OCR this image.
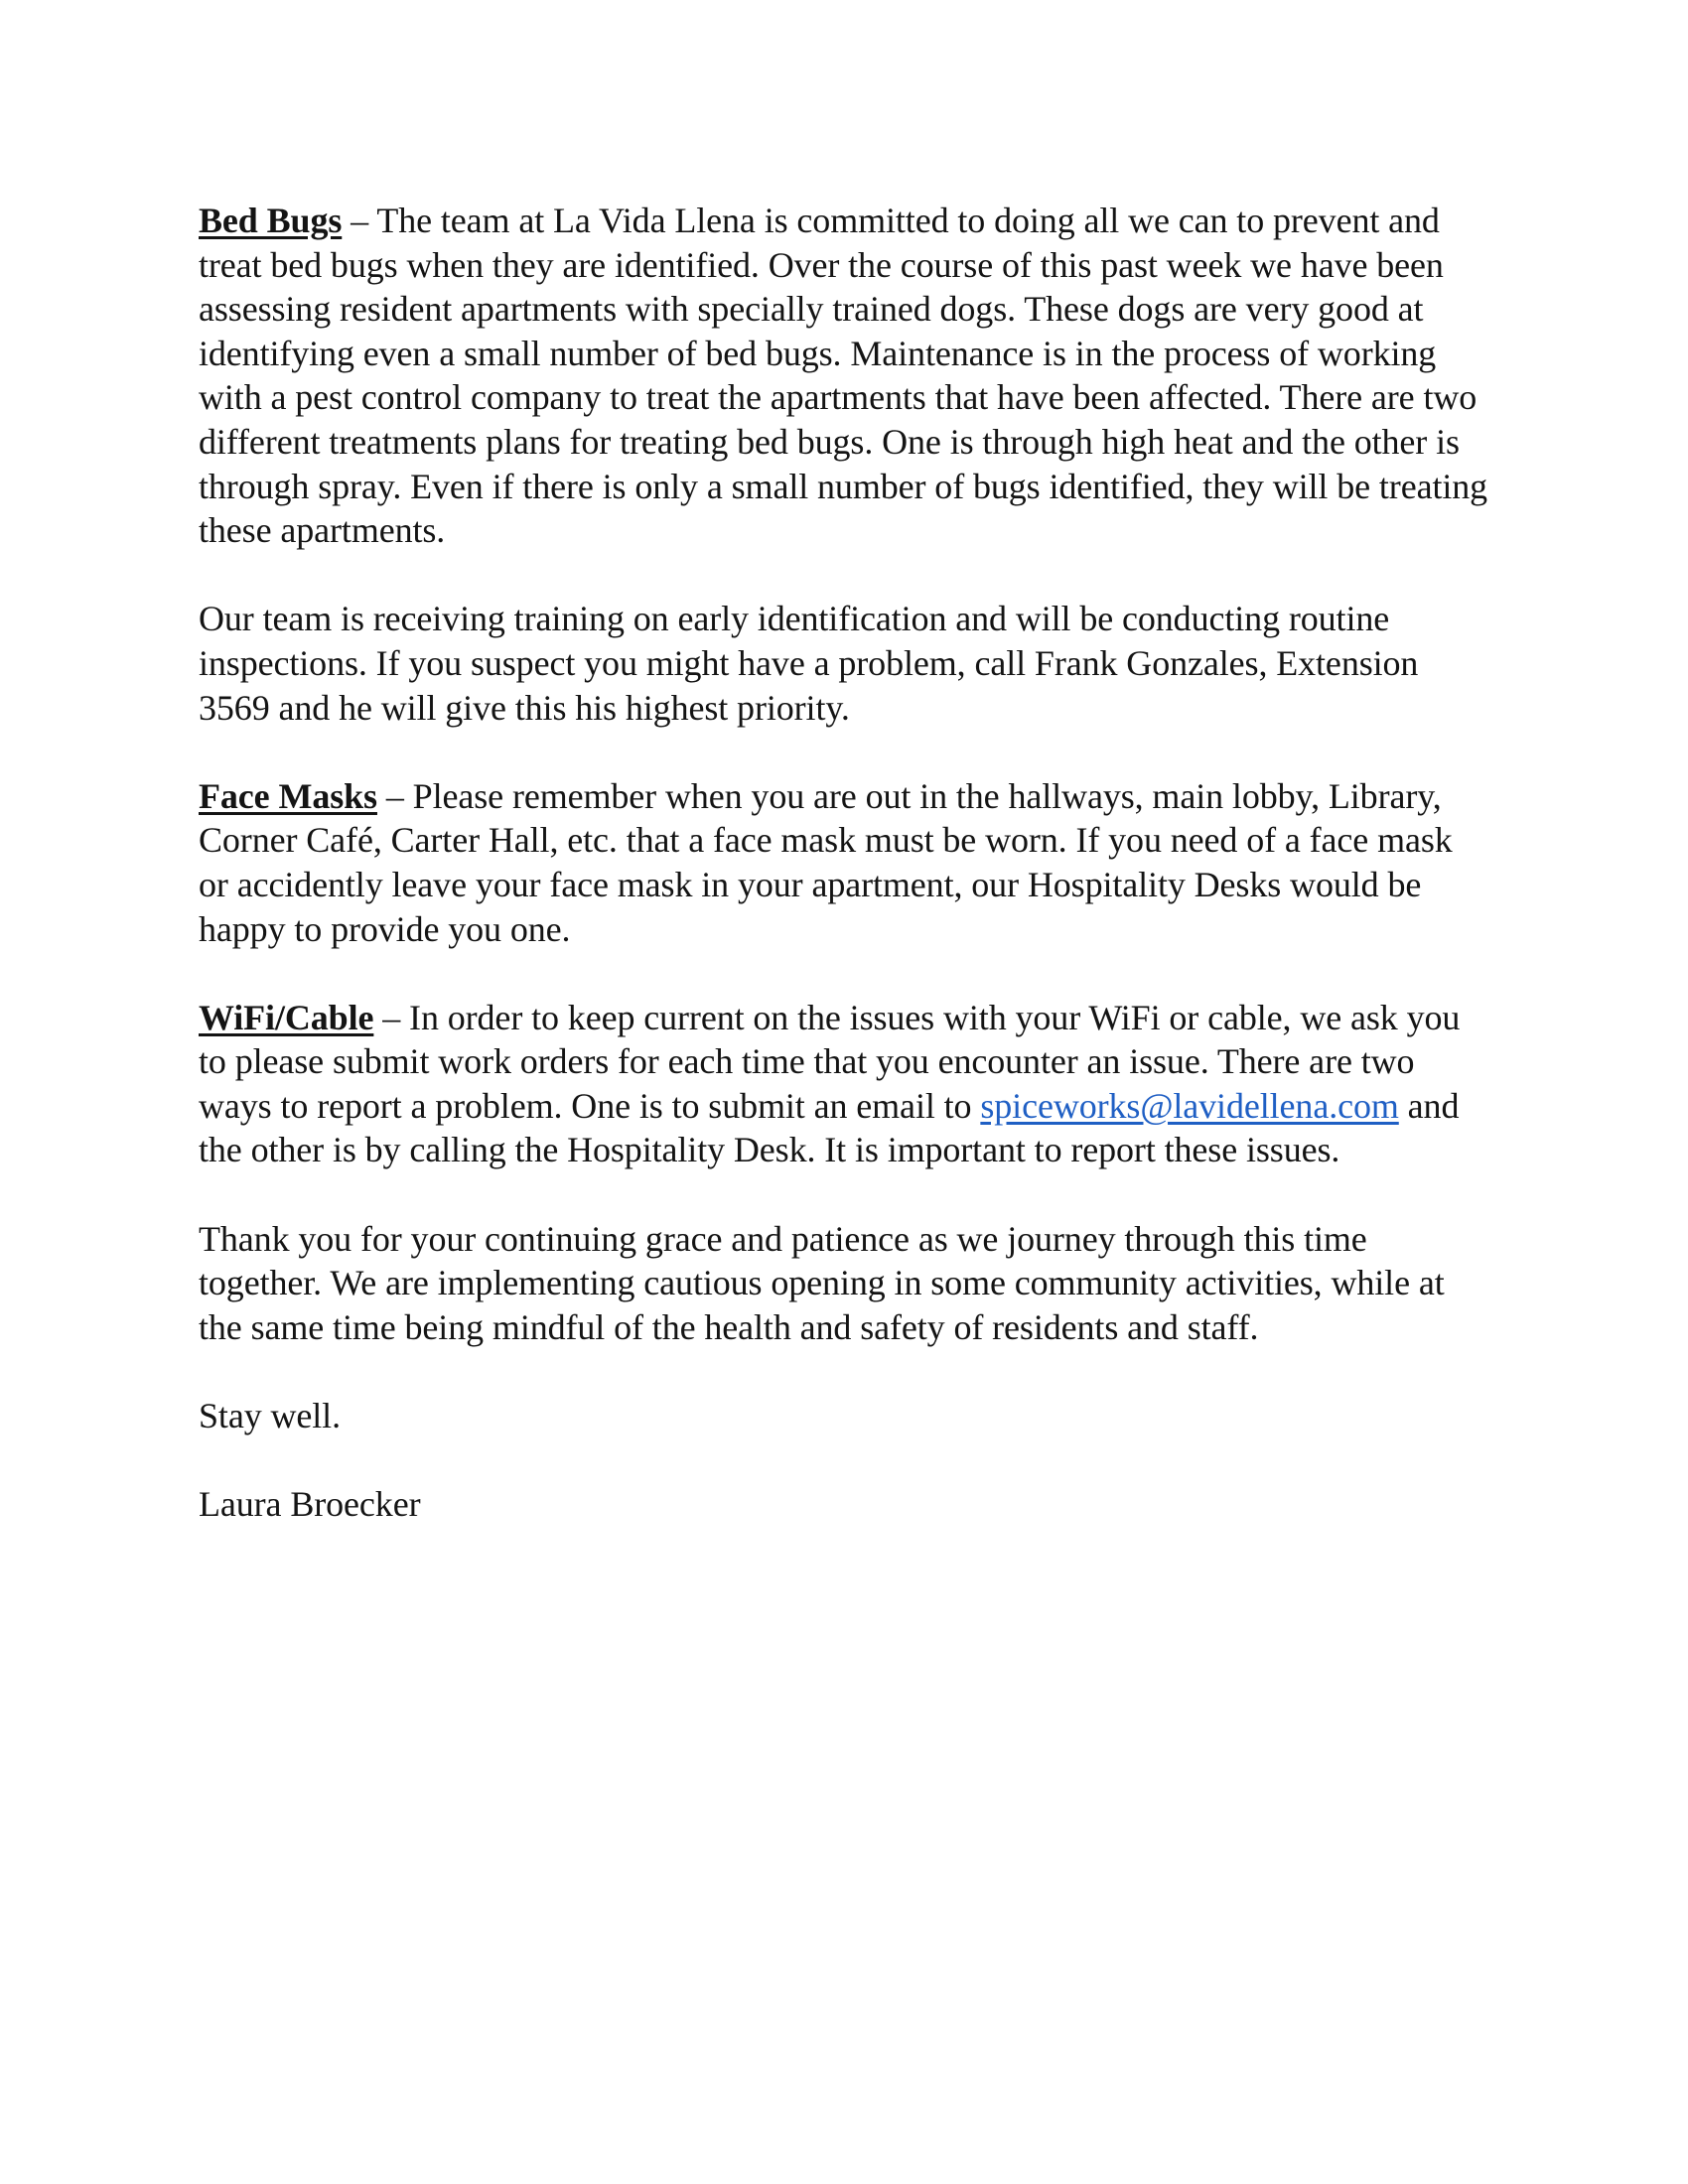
Bed Bugs – The team at La Vida Llena is committed to doing all we can to prevent and treat bed bugs when they are identified. Over the course of this past week we have been assessing resident apartments with specially trained dogs. These dogs are very good at identifying even a small number of bed bugs. Maintenance is in the process of working with a pest control company to treat the apartments that have been affected. There are two different treatments plans for treating bed bugs. One is through high heat and the other is through spray. Even if there is only a small number of bugs identified, they will be treating these apartments.

Our team is receiving training on early identification and will be conducting routine inspections. If you suspect you might have a problem, call Frank Gonzales, Extension 3569 and he will give this his highest priority.

Face Masks – Please remember when you are out in the hallways, main lobby, Library, Corner Café, Carter Hall, etc. that a face mask must be worn. If you need of a face mask or accidently leave your face mask in your apartment, our Hospitality Desks would be happy to provide you one.

WiFi/Cable – In order to keep current on the issues with your WiFi or cable, we ask you to please submit work orders for each time that you encounter an issue. There are two ways to report a problem. One is to submit an email to spiceworks@lavidellena.com and the other is by calling the Hospitality Desk. It is important to report these issues.

Thank you for your continuing grace and patience as we journey through this time together. We are implementing cautious opening in some community activities, while at the same time being mindful of the health and safety of residents and staff.

Stay well.

Laura Broecker
